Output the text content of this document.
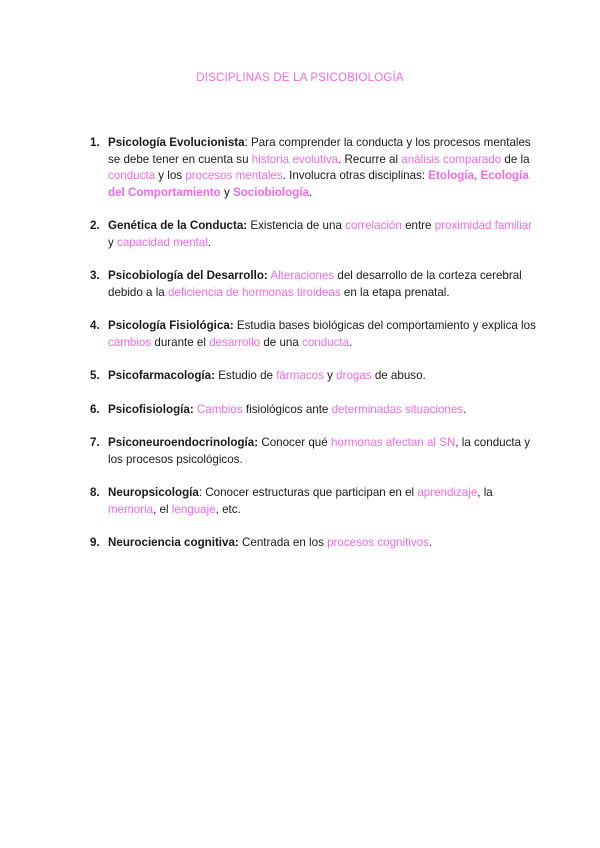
DISCIPLINAS DE LA PSICOBIOLOGÍA
1. Psicología Evolucionista: Para comprender la conducta y los procesos mentales se debe tener en cuenta su historia evolutiva. Recurre al análisis comparado de la conducta y los procesos mentales. Involucra otras disciplinas: Etología, Ecología del Comportamiento y Sociobiología.
2. Genética de la Conducta: Existencia de una correlación entre proximidad familiar y capacidad mental.
3. Psicobiología del Desarrollo: Alteraciones del desarrollo de la corteza cerebral debido a la deficiencia de hormonas tiroideas en la etapa prenatal.
4. Psicología Fisiológica: Estudia bases biológicas del comportamiento y explica los cambios durante el desarrollo de una conducta.
5. Psicofarmacología: Estudio de fármacos y drogas de abuso.
6. Psicofisiología: Cambios fisiológicos ante determinadas situaciones.
7. Psiconeuroendocrinología: Conocer qué hormonas afectan al SN, la conducta y los procesos psicológicos.
8. Neuropsicología: Conocer estructuras que participan en el aprendizaje, la memoria, el lenguaje, etc.
9. Neurociencia cognitiva: Centrada en los procesos cognitivos.
